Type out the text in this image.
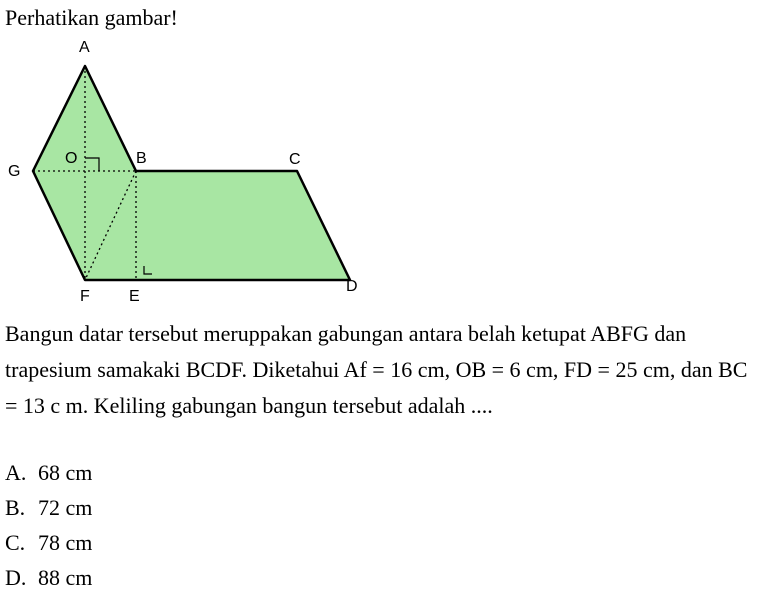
Perhatikan gambar!
A
O	B	C
G
F E
D
Bangun datar tersebut meruppakan gabungan antara belah ketupat ABFG dan trapesium samakaki BCDF. Diketahui Af = 16 cm, OB = 6 cm, FD = 25 cm, dan BC = 13 c m. Keliling gabungan bangun tersebut adalah ....
A. 68 cm
B. 72 cm
C. 78 cm
D. 88 cm
